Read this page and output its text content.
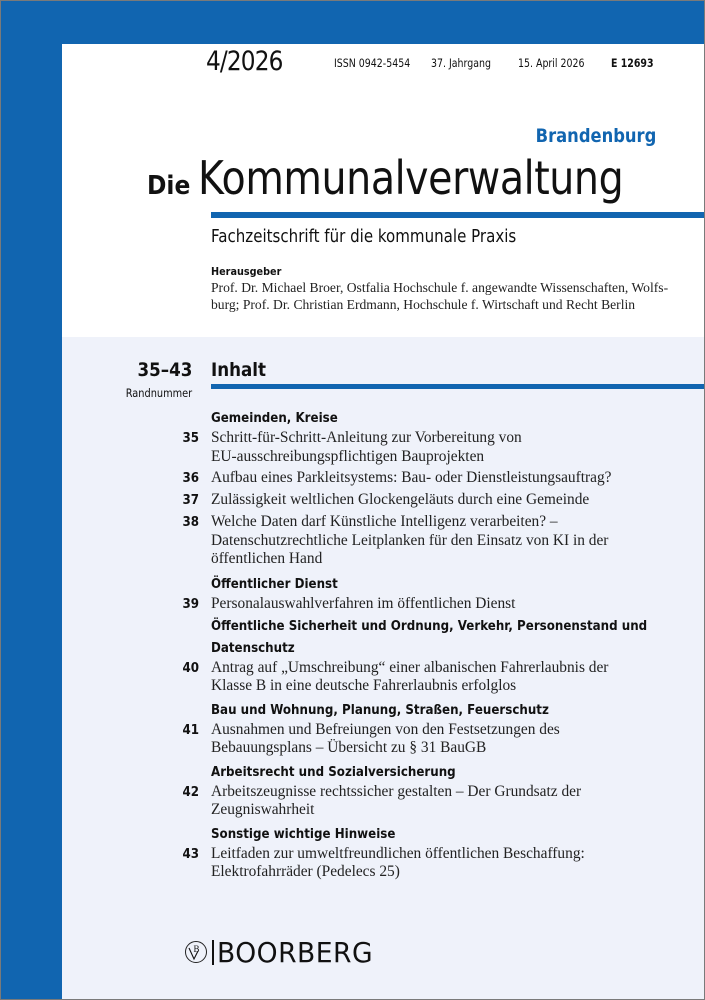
4/2026	ISSN 0942-5454 37. Jahrgang 15. April 2026 E 12693
Brandenburg
Die Kommunalverwaltung
Fachzeitschrift für die kommunale Praxis
Herausgeber
Prof. Dr. Michael Broer, Ostfalia Hochschule f. angewandte Wissenschaften, Wolfs-
burg; Prof. Dr. Christian Erdmann, Hochschule f. Wirtschaft und Recht Berlin
35–43
Randnummer
Inhalt
Gemeinden, Kreise
35 Schritt-für-Schritt-Anleitung zur Vorbereitung von
EU-ausschreibungspflichtigen Bauprojekten
36 Aufbau eines Parkleitsystems: Bau- oder Dienstleistungsauftrag?
37 Zulässigkeit weltlichen Glockengeläuts durch eine Gemeinde
38 Welche Daten darf Künstliche Intelligenz verarbeiten? –
Datenschutzrechtliche Leitplanken für den Einsatz von KI in der
öffentlichen Hand
Öffentlicher Dienst
39 Personalauswahlverfahren im öffentlichen Dienst
Öffentliche Sicherheit und Ordnung, Verkehr, Personenstand und
Datenschutz
40 Antrag auf „Umschreibung“ einer albanischen Fahrerlaubnis der
Klasse B in eine deutsche Fahrerlaubnis erfolglos
Bau und Wohnung, Planung, Straßen, Feuerschutz
41 Ausnahmen und Befreiungen von den Festsetzungen des
Bebauungsplans – Übersicht zu § 31 BauGB
Arbeitsrecht und Sozialversicherung
42 Arbeitszeugnisse rechtssicher gestalten – Der Grundsatz der
Zeugniswahrheit
Sonstige wichtige Hinweise
43 Leitfaden zur umweltfreundlichen öffentlichen Beschaffung:
Elektrofahrräder (Pedelecs 25)
B BOORBERG
